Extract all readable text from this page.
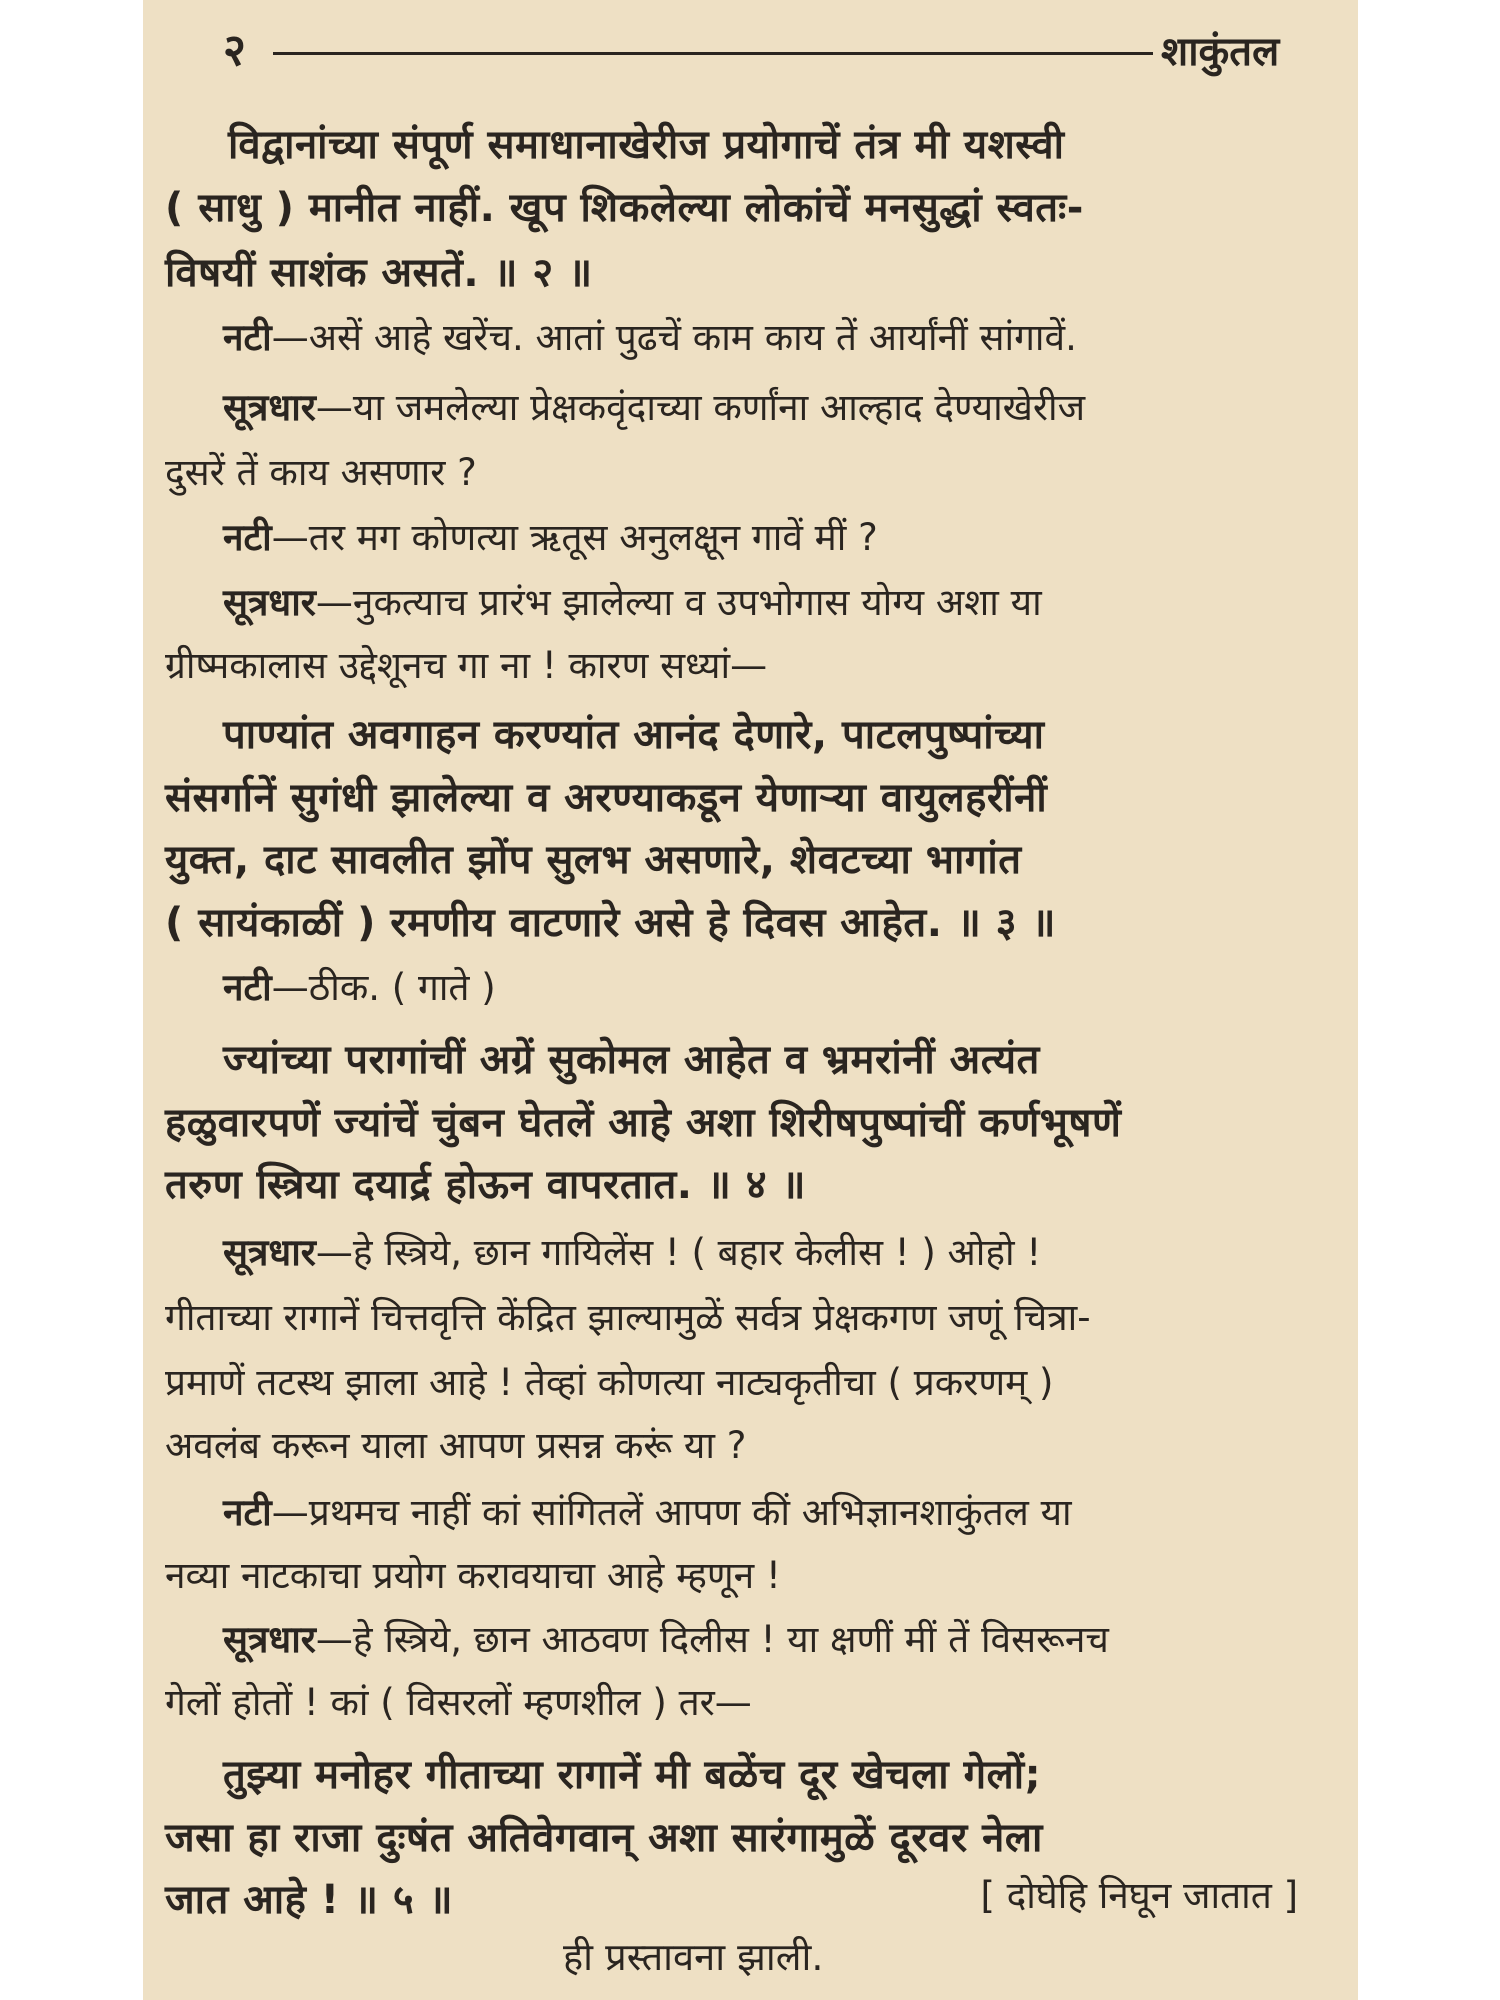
२	शाकुंतल
विद्वानांच्या संपूर्ण समाधानाखेरीज प्रयोगाचें तंत्र मी यशस्वी
( साधु ) मानीत नाहीं. खूप शिकलेल्या लोकांचें मनसुद्धां स्वतः-
विषयीं साशंक असतें. ॥ २ ॥
नटी—असें आहे खरेंच. आतां पुढचें काम काय तें आर्यांनीं सांगावें.
सूत्रधार—या जमलेल्या प्रेक्षकवृंदाच्या कर्णांना आल्हाद देण्याखेरीज
दुसरें तें काय असणार ?
नटी—तर मग कोणत्या ऋतूस अनुलक्षून गावें मीं ?
सूत्रधार—नुकत्याच प्रारंभ झालेल्या व उपभोगास योग्य अशा या
ग्रीष्मकालास उद्देशूनच गा ना ! कारण सध्यां—
पाण्यांत अवगाहन करण्यांत आनंद देणारे, पाटलपुष्पांच्या
संसर्गानें सुगंधी झालेल्या व अरण्याकडून येणाऱ्या वायुलहरींनीं
युक्त, दाट सावलीत झोंप सुलभ असणारे, शेवटच्या भागांत
( सायंकाळीं ) रमणीय वाटणारे असे हे दिवस आहेत. ॥ ३ ॥
नटी—ठीक. ( गाते )
ज्यांच्या परागांचीं अग्रें सुकोमल आहेत व भ्रमरांनीं अत्यंत
हळुवारपणें ज्यांचें चुंबन घेतलें आहे अशा शिरीषपुष्पांचीं कर्णभूषणें
तरुण स्त्रिया दयार्द्र होऊन वापरतात. ॥ ४ ॥
सूत्रधार—हे स्त्रिये, छान गायिलेंस ! ( बहार केलीस ! ) ओहो !
गीताच्या रागानें चित्तवृत्ति केंद्रित झाल्यामुळें सर्वत्र प्रेक्षकगण जणूं चित्रा-
प्रमाणें तटस्थ झाला आहे ! तेव्हां कोणत्या नाट्यकृतीचा ( प्रकरणम् )
अवलंब करून याला आपण प्रसन्न करूं या ?
नटी—प्रथमच नाहीं कां सांगितलें आपण कीं अभिज्ञानशाकुंतल या
नव्या नाटकाचा प्रयोग करावयाचा आहे म्हणून !
सूत्रधार—हे स्त्रिये, छान आठवण दिलीस ! या क्षणीं मीं तें विसरूनच
गेलों होतों ! कां ( विसरलों म्हणशील ) तर—
तुझ्या मनोहर गीताच्या रागानें मी बळेंच दूर खेचला गेलों;
जसा हा राजा दुःषंत अतिवेगवान् अशा सारंगामुळें दूरवर नेला
जात आहे ! ॥ ५ ॥	[ दोघेहि निघून जातात ]
ही प्रस्तावना झाली.
